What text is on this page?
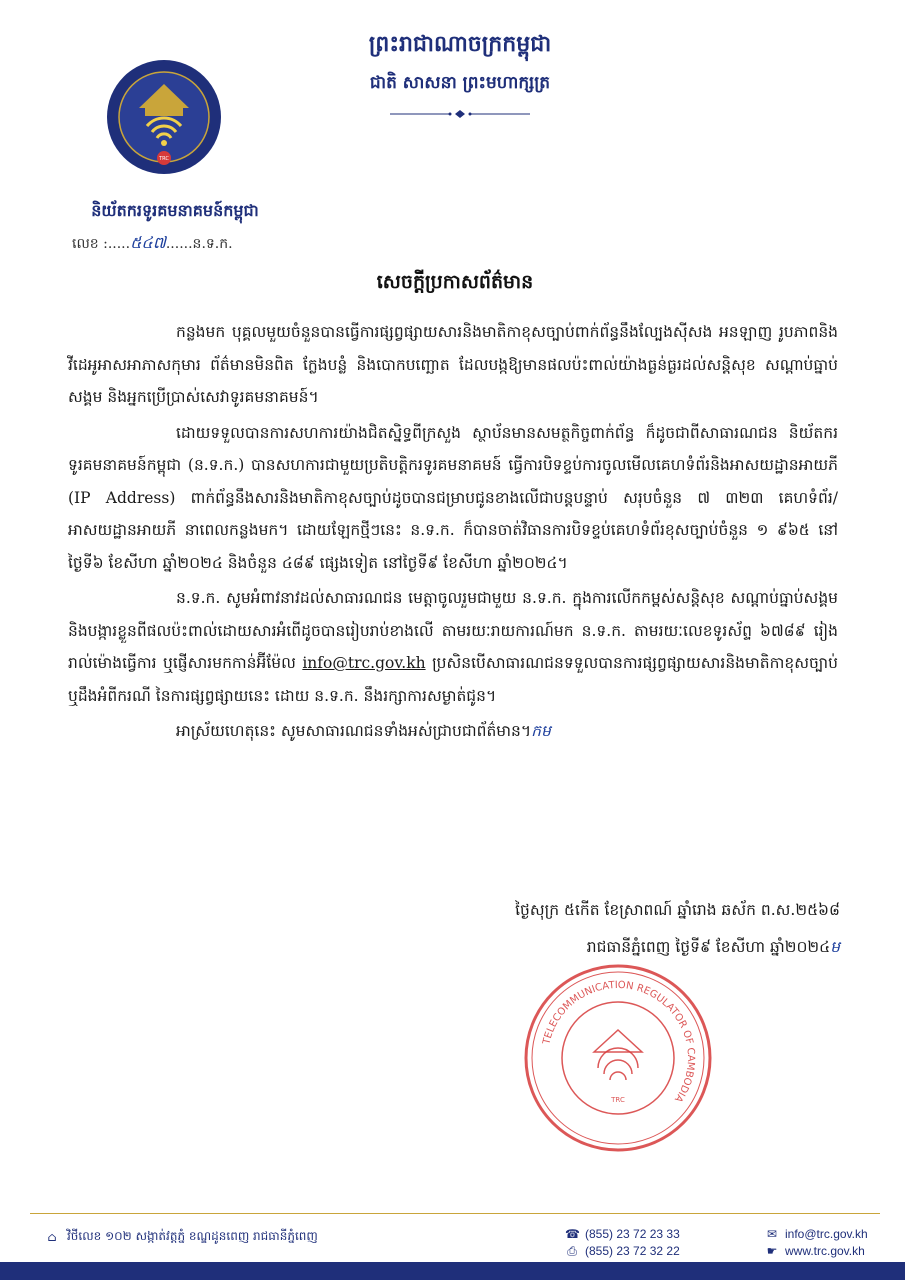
ព្រះរាជាណាចក្រកម្ពុជា
ជាតិ សាសនា ព្រះមហាក្សត្រ
TRC
និយ័តករទូរគមនាគមន៍កម្ពុជា
លេខ :.....៥៤៧......ន.ទ.ក.
សេចក្តីប្រកាសព័ត៌មាន

កន្លងមក បុគ្គលមួយចំនួនបានធ្វើការផ្សព្វផ្សាយសារនិងមាតិកាខុសច្បាប់ពាក់ព័ន្ធនឹងល្បែងស៊ីសង អនឡាញ រូបភាពនិងវីដេអូអាសអាភាសកុមារ ព័ត៌មានមិនពិត ក្លែងបន្លំ និងបោកបញ្ឆោត ដែលបង្កឱ្យមានផលប៉ះពាល់យ៉ាងធ្ងន់ធ្ងរដល់សន្តិសុខ សណ្តាប់ធ្នាប់សង្គម និងអ្នកប្រើប្រាស់សេវាទូរគមនាគមន៍។

ដោយទទួលបានការសហការយ៉ាងជិតស្និទ្ធពីក្រសួង ស្ថាប័នមានសមត្ថកិច្ចពាក់ព័ន្ធ ក៏ដូចជាពីសាធារណជន និយ័តករទូរគមនាគមន៍កម្ពុជា (ន.ទ.ក.) បានសហការជាមួយប្រតិបត្តិករទូរគមនាគមន៍ ធ្វើការបិទខ្ទប់ការចូលមើលគេហទំព័រនិងអាសយដ្ឋានអាយភី (IP Address) ពាក់ព័ន្ធនឹងសារនិងមាតិកាខុសច្បាប់ដូចបានជម្រាបជូនខាងលើជាបន្តបន្ទាប់ សរុបចំនួន ៧ ៣២៣ គេហទំព័រ/អាសយដ្ឋានអាយភី នាពេលកន្លងមក។ ដោយឡែកថ្មីៗនេះ ន.ទ.ក. ក៏បានចាត់វិធានការបិទខ្ទប់គេហទំព័រខុសច្បាប់ចំនួន ១ ៩៦៥ នៅថ្ងៃទី៦ ខែសីហា ឆ្នាំ២០២៤ និងចំនួន ៤៨៩ ផ្សេងទៀត នៅថ្ងៃទី៩ ខែសីហា ឆ្នាំ២០២៤។

ន.ទ.ក. សូមអំពាវនាវដល់សាធារណជន មេត្តាចូលរួមជាមួយ ន.ទ.ក. ក្នុងការលើកកម្ពស់សន្តិសុខ សណ្តាប់ធ្នាប់សង្គម និងបង្ការខ្លួនពីផលប៉ះពាល់ដោយសារអំពើដូចបានរៀបរាប់ខាងលើ តាមរយៈរាយការណ៍មក ន.ទ.ក. តាមរយៈលេខទូរស័ព្ទ ៦៧៨៩ រៀងរាល់ម៉ោងធ្វើការ ឬផ្ញើសារមកកាន់អ៊ីម៉ែល info@trc.gov.kh ប្រសិនបើសាធារណជនទទួលបានការផ្សព្វផ្សាយសារនិងមាតិកាខុសច្បាប់ ឬដឹងអំពីករណី នៃការផ្សព្វផ្សាយនេះ ដោយ ន.ទ.ក. នឹងរក្សាការសម្ងាត់ជូន។

អាស្រ័យហេតុនេះ សូមសាធារណជនទាំងអស់ជ្រាបជាព័ត៌មាន។កម

ថ្ងៃសុក្រ ៥កើត ខែស្រាពណ៍ ឆ្នាំរោង ឆស័ក ព.ស.២៥៦៨
រាជធានីភ្នំពេញ ថ្ងៃទី៩ ខែសីហា ឆ្នាំ២០២៤ម
TELECOMMUNICATION REGULATOR OF CAMBODIA
TRC
⌂ វិថីលេខ ១០២ សង្កាត់វត្តភ្នំ ខណ្ឌដូនពេញ រាជធានីភ្នំពេញ	☎ (855) 23 72 23 33
⎙ (855) 23 72 32 22
✉ info@trc.gov.kh
☛ www.trc.gov.kh
